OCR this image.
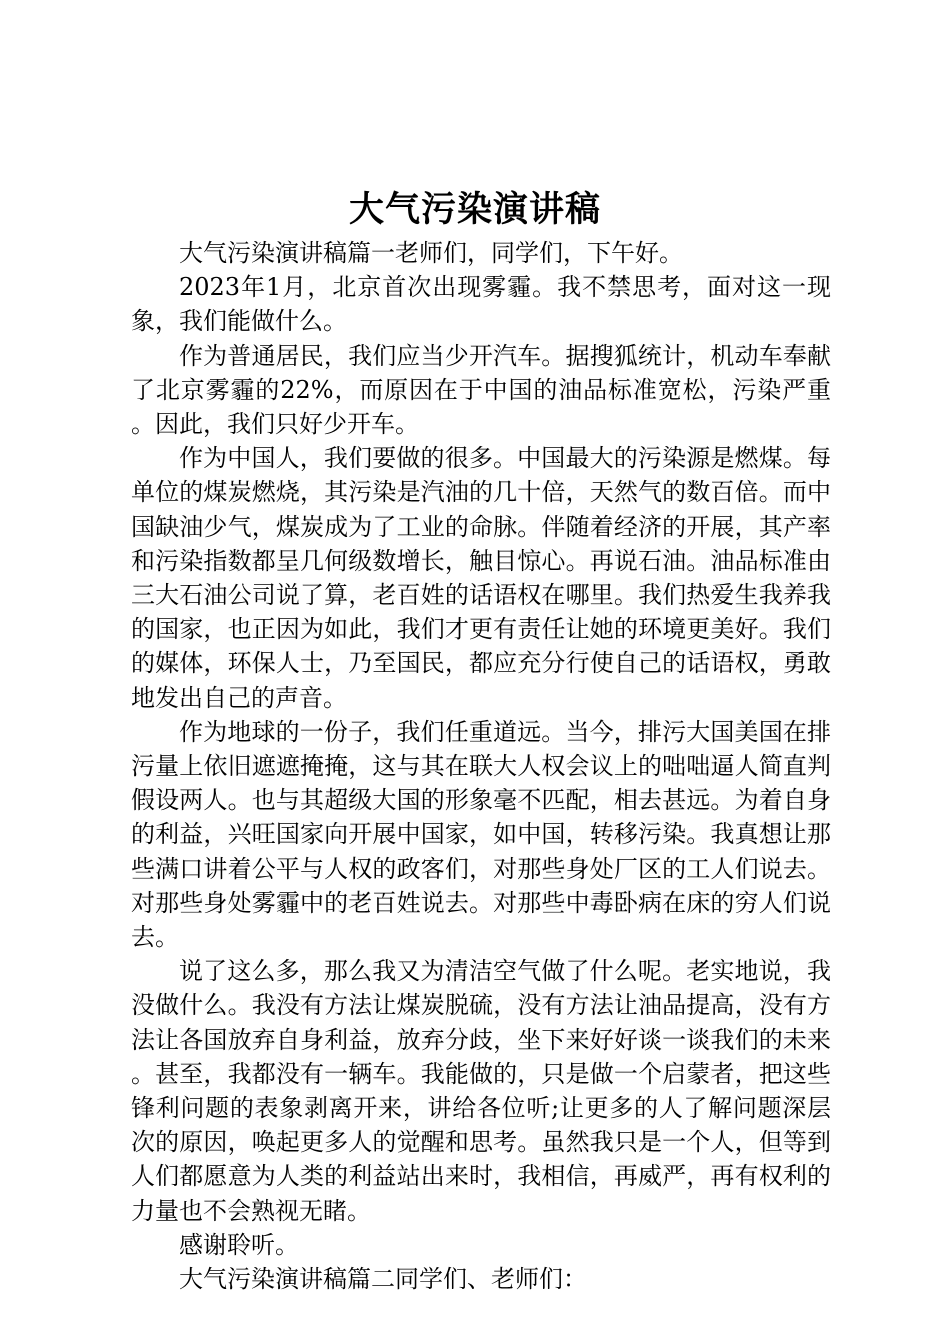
大气污染演讲稿

大气污染演讲稿篇一老师们，同学们，下午好。

2023年1月，北京首次出现雾霾。我不禁思考，面对这一现象，我们能做什么。

作为普通居民，我们应当少开汽车。据搜狐统计，机动车奉献了北京雾霾的22%，而原因在于中国的油品标准宽松，污染严重。因此，我们只好少开车。

作为中国人，我们要做的很多。中国最大的污染源是燃煤。每单位的煤炭燃烧，其污染是汽油的几十倍，天然气的数百倍。而中国缺油少气，煤炭成为了工业的命脉。伴随着经济的开展，其产率和污染指数都呈几何级数增长，触目惊心。再说石油。油品标准由三大石油公司说了算，老百姓的话语权在哪里。我们热爱生我养我的国家，也正因为如此，我们才更有责任让她的环境更美好。我们的媒体，环保人士，乃至国民，都应充分行使自己的话语权，勇敢地发出自己的声音。

作为地球的一份子，我们任重道远。当今，排污大国美国在排污量上依旧遮遮掩掩，这与其在联大人权会议上的咄咄逼人简直判假设两人。也与其超级大国的形象毫不匹配，相去甚远。为着自身的利益，兴旺国家向开展中国家，如中国，转移污染。我真想让那些满口讲着公平与人权的政客们，对那些身处厂区的工人们说去。对那些身处雾霾中的老百姓说去。对那些中毒卧病在床的穷人们说去。

说了这么多，那么我又为清洁空气做了什么呢。老实地说，我没做什么。我没有方法让煤炭脱硫，没有方法让油品提高，没有方法让各国放弃自身利益，放弃分歧，坐下来好好谈一谈我们的未来。甚至，我都没有一辆车。我能做的，只是做一个启蒙者，把这些锋利问题的表象剥离开来，讲给各位听;让更多的人了解问题深层次的原因，唤起更多人的觉醒和思考。虽然我只是一个人，但等到人们都愿意为人类的利益站出来时，我相信，再威严，再有权利的力量也不会熟视无睹。

感谢聆听。

大气污染演讲稿篇二同学们、老师们：
